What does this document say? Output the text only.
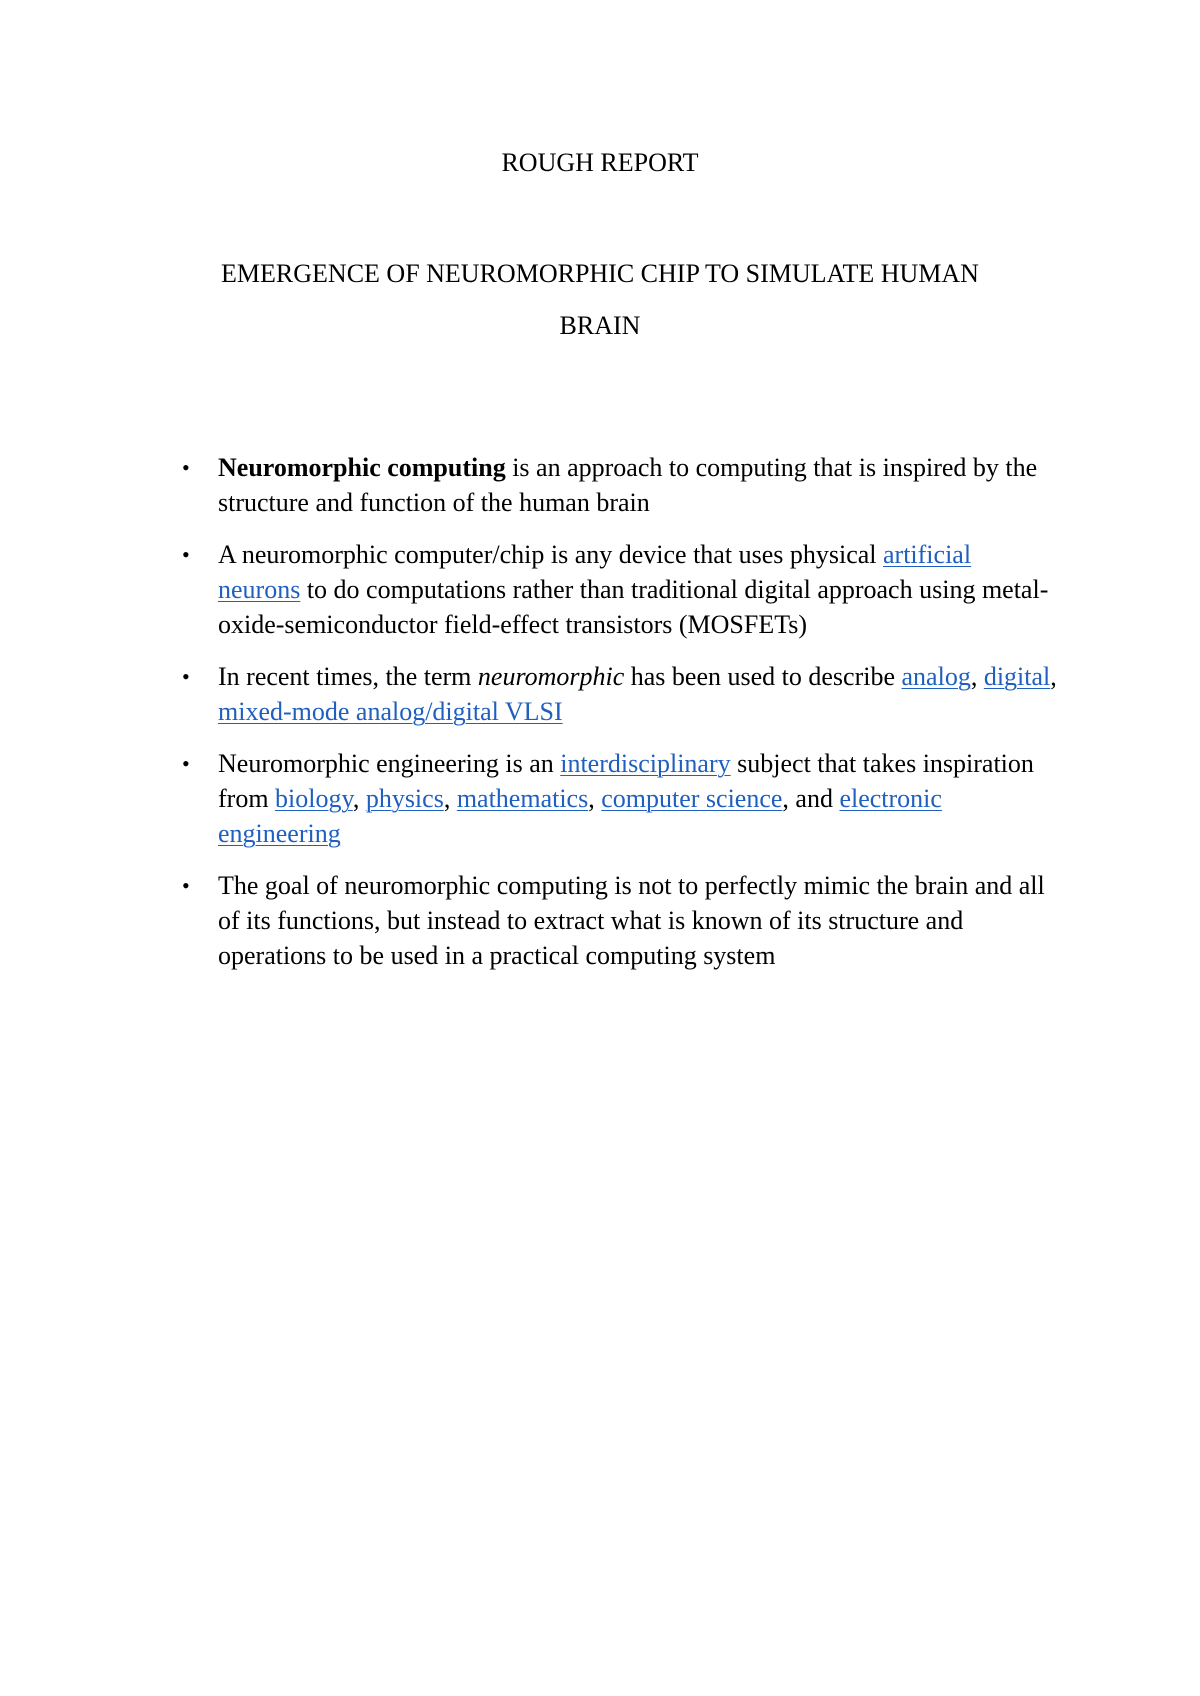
ROUGH REPORT
EMERGENCE OF NEUROMORPHIC CHIP TO SIMULATE HUMAN
BRAIN
• Neuromorphic computing is an approach to computing that is inspired by the structure and function of the human brain
• A neuromorphic computer/chip is any device that uses physical artificial neurons to do computations rather than traditional digital approach using metal-oxide-semiconductor field-effect transistors (MOSFETs)
• In recent times, the term neuromorphic has been used to describe analog, digital, mixed-mode analog/digital VLSI
• Neuromorphic engineering is an interdisciplinary subject that takes inspiration from biology, physics, mathematics, computer science, and electronic engineering
• The goal of neuromorphic computing is not to perfectly mimic the brain and all of its functions, but instead to extract what is known of its structure and operations to be used in a practical computing system
